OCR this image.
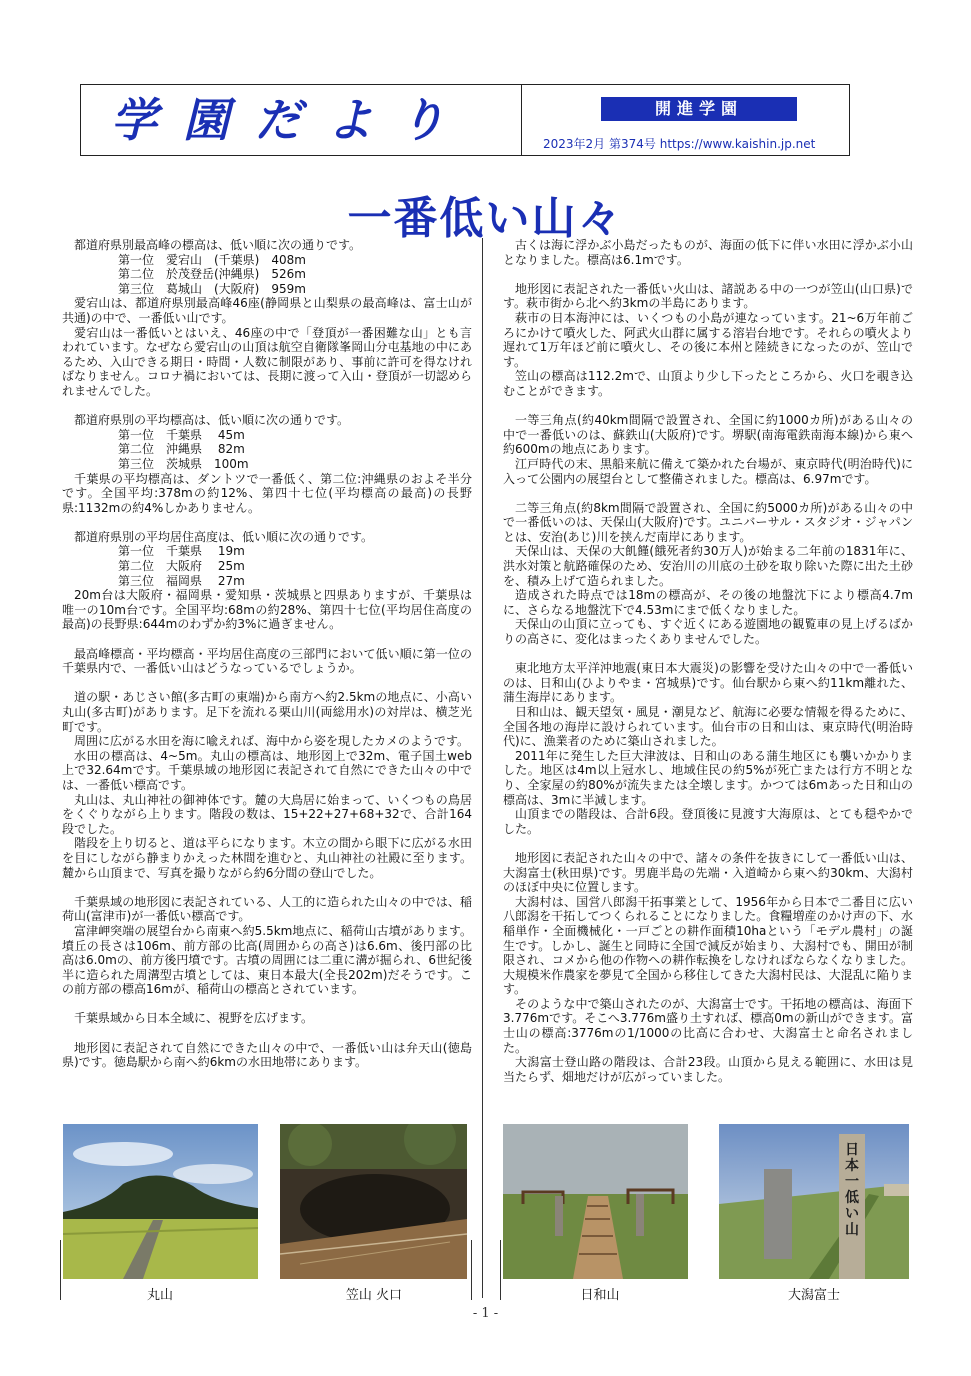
学園だより	開進学園
2023年2月 第374号 https://www.kaishin.jp.net
一番低い山々

都道府県別最高峰の標高は、低い順に次の通りです。

第一位　愛宕山　(千葉県)　408m

第二位　於茂登岳(沖縄県)　526m

第三位　葛城山　(大阪府)　959m

愛宕山は、都道府県別最高峰46座(静岡県と山梨県の最高峰は、富士山が共通)の中で、一番低い山です。

愛宕山は一番低いとはいえ、46座の中で「登頂が一番困難な山」とも言われています。なぜなら愛宕山の山頂は航空自衛隊峯岡山分屯基地の中にあるため、入山できる期日・時間・人数に制限があり、事前に許可を得なければなりません。コロナ禍においては、長期に渡って入山・登頂が一切認められませんでした。

都道府県別の平均標高は、低い順に次の通りです。

第一位　千葉県　 45m

第二位　沖縄県　 82m

第三位　茨城県　100m

千葉県の平均標高は、ダントツで一番低く、第二位:沖縄県のおよそ半分です。全国平均:378mの約12%、第四十七位(平均標高の最高)の長野県:1132mの約4%しかありません。

都道府県別の平均居住高度は、低い順に次の通りです。

第一位　千葉県　 19m

第二位　大阪府　 25m

第三位　福岡県　 27m

20m台は大阪府・福岡県・愛知県・茨城県と四県ありますが、千葉県は唯一の10m台です。全国平均:68mの約28%、第四十七位(平均居住高度の最高)の長野県:644mのわずか約3%に過ぎません。

最高峰標高・平均標高・平均居住高度の三部門において低い順に第一位の千葉県内で、一番低い山はどうなっているでしょうか。

道の駅・あじさい館(多古町の東端)から南方へ約2.5kmの地点に、小高い丸山(多古町)があります。足下を流れる栗山川(両総用水)の対岸は、横芝光町です。

周囲に広がる水田を海に喩えれば、海中から姿を現したカメのようです。

水田の標高は、4~5m。丸山の標高は、地形図上で32m、電子国土web上で32.64mです。千葉県域の地形図に表記されて自然にできた山々の中では、一番低い標高です。

丸山は、丸山神社の御神体です。麓の大鳥居に始まって、いくつもの鳥居をくぐりながら上ります。階段の数は、15+22+27+68+32で、合計164段でした。

階段を上り切ると、道は平らになります。木立の間から眼下に広がる水田を目にしながら静まりかえった林間を進むと、丸山神社の社殿に至ります。麓から山頂まで、写真を撮りながら約6分間の登山でした。

千葉県域の地形図に表記されている、人工的に造られた山々の中では、稲荷山(富津市)が一番低い標高です。

富津岬突端の展望台から南東へ約5.5km地点に、稲荷山古墳があります。墳丘の長さは106m、前方部の比高(周囲からの高さ)は6.6m、後円部の比高は6.0mの、前方後円墳です。古墳の周囲には二重に溝が掘られ、6世紀後半に造られた周溝型古墳としては、東日本最大(全長202m)だそうです。この前方部の標高16mが、稲荷山の標高とされています。

千葉県域から日本全域に、視野を広げます。

地形図に表記されて自然にできた山々の中で、一番低い山は弁天山(徳島県)です。徳島駅から南へ約6kmの水田地帯にあります。

古くは海に浮かぶ小島だったものが、海面の低下に伴い水田に浮かぶ小山となりました。標高は6.1mです。

地形図に表記された一番低い火山は、諸説ある中の一つが笠山(山口県)です。萩市街から北へ約3kmの半島にあります。

萩市の日本海沖には、いくつもの小島が連なっています。21~6万年前ごろにかけて噴火した、阿武火山群に属する溶岩台地です。それらの噴火より遅れて1万年ほど前に噴火し、その後に本州と陸続きになったのが、笠山です。

笠山の標高は112.2mで、山頂より少し下ったところから、火口を覗き込むことができます。

一等三角点(約40km間隔で設置され、全国に約1000カ所)がある山々の中で一番低いのは、蘇鉄山(大阪府)です。堺駅(南海電鉄南海本線)から東へ約600mの地点にあります。

江戸時代の末、黒船来航に備えて築かれた台場が、東京時代(明治時代)に入って公園内の展望台として整備されました。標高は、6.97mです。

二等三角点(約8km間隔で設置され、全国に約5000カ所)がある山々の中で一番低いのは、天保山(大阪府)です。ユニバーサル・スタジオ・ジャパンとは、安治(あじ)川を挟んだ南岸にあります。

天保山は、天保の大飢饉(餓死者約30万人)が始まる二年前の1831年に、洪水対策と航路確保のため、安治川の川底の土砂を取り除いた際に出た土砂を、積み上げて造られました。

造成された時点では18mの標高が、その後の地盤沈下により標高4.7mに、さらなる地盤沈下で4.53mにまで低くなりました。

天保山の山頂に立っても、すぐ近くにある遊園地の観覧車の見上げるばかりの高さに、変化はまったくありませんでした。

東北地方太平洋沖地震(東日本大震災)の影響を受けた山々の中で一番低いのは、日和山(ひよりやま・宮城県)です。仙台駅から東へ約11km離れた、蒲生海岸にあります。

日和山は、観天望気・風見・潮見など、航海に必要な情報を得るために、全国各地の海岸に設けられています。仙台市の日和山は、東京時代(明治時代)に、漁業者のために築山されました。

2011年に発生した巨大津波は、日和山のある蒲生地区にも襲いかかりました。地区は4m以上冠水し、地域住民の約5%が死亡または行方不明となり、全家屋の約80%が流失または全壊します。かつては6mあった日和山の標高は、3mに半減します。

山頂までの階段は、合計6段。登頂後に見渡す大海原は、とても穏やかでした。

地形図に表記された山々の中で、諸々の条件を抜きにして一番低い山は、大潟富士(秋田県)です。男鹿半島の先端・入道崎から東へ約30km、大潟村のほぼ中央に位置します。

大潟村は、国営八郎潟干拓事業として、1956年から日本で二番目に広い八郎潟を干拓してつくられることになりました。食糧増産のかけ声の下、水稲単作・全面機械化・一戸ごとの耕作面積10haという「モデル農村」の誕生です。しかし、誕生と同時に全国で減反が始まり、大潟村でも、開田が制限され、コメから他の作物への耕作転換をしなければならなくなりました。大規模米作農家を夢見て全国から移住してきた大潟村民は、大混乱に陥ります。

そのような中で築山されたのが、大潟富士です。干拓地の標高は、海面下3.776mです。そこへ3.776m盛り土すれば、標高0mの新山ができます。富士山の標高:3776mの1/1000の比高に合わせ、大潟富士と命名されました。

大潟富士登山路の階段は、合計23段。山頂から見える範囲に、水田は見当たらず、畑地だけが広がっていました。

日本一低い山
丸山	笠山 火口	日和山	大潟富士
- 1 -
